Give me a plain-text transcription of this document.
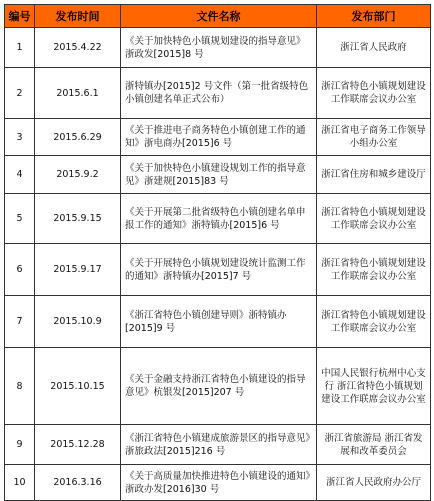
编号	发布时间	文件名称	发布部门
1	2015.4.22	《关于加快特色小镇规划建设的指导意见》浙政发[2015]8 号	浙江省人民政府
2	2015.6.1	浙特镇办[2015]2 号文件（第一批省级特色小镇创建名单正式公布）	浙江省特色小镇规划建设工作联席会议办公室
3	2015.6.29	《关于推进电子商务特色小镇创建工作的通知》浙电商办[2015]6 号	浙江省电子商务工作领导小组办公室
4	2015.9.2	《关于加快特色小镇建设规划工作的指导意见》浙建规[2015]83 号	浙江省住房和城乡建设厅
5	2015.9.15	《关于开展第二批省级特色小镇创建名单申报工作的通知》浙特镇办[2015]6 号	浙江省特色小镇规划建设工作联席会议办公室
6	2015.9.17	《关于开展特色小镇规划建设统计监测工作的通知》浙特镇办[2015]7 号	浙江省特色小镇规划建设工作联席会议办公室
7	2015.10.9	《浙江省特色小镇创建导则》浙特镇办[2015]9 号	浙江省特色小镇规划建设工作联席会议办公室
8	2015.10.15	《关于金融支持浙江省特色小镇建设的指导意见》杭银发[2015]207 号	中国人民银行杭州中心支行 浙江省特色小镇规划建设工作联席会议办公室
9	2015.12.28	《浙江省特色小镇建成旅游景区的指导意见》浙旅政法[2015]216 号	浙江省旅游局 浙江省发展和改革委员会
10	2016.3.16	《关于高质量加快推进特色小镇建设的通知》浙政办发[2016]30 号	浙江省人民政府办公厅
